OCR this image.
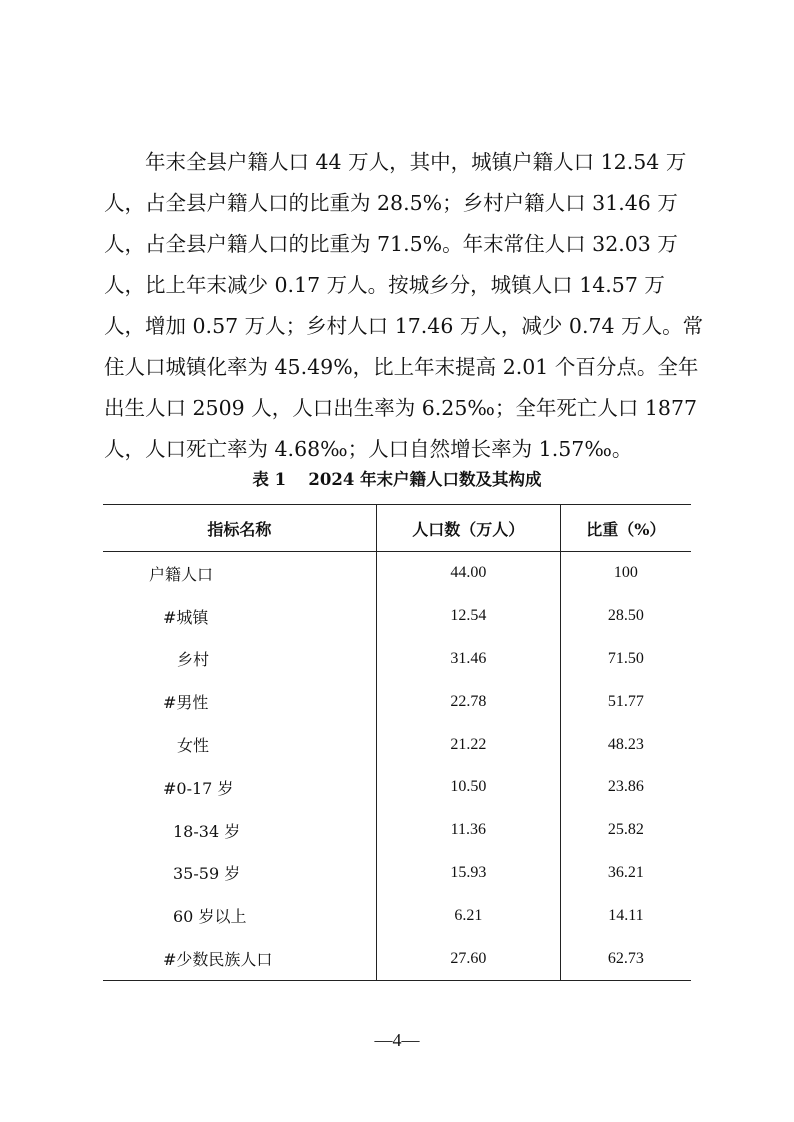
年末全县户籍人口 44 万人，其中，城镇户籍人口 12.54 万
人，占全县户籍人口的比重为 28.5%；乡村户籍人口 31.46 万
人，占全县户籍人口的比重为 71.5%。年末常住人口 32.03 万
人，比上年末减少 0.17 万人。按城乡分，城镇人口 14.57 万
人，增加 0.57 万人；乡村人口 17.46 万人，减少 0.74 万人。常
住人口城镇化率为 45.49%，比上年末提高 2.01 个百分点。全年
出生人口 2509 人，人口出生率为 6.25‰；全年死亡人口 1877
人，人口死亡率为 4.68‰；人口自然增长率为 1.57‰。
表 1　 2024 年末户籍人口数及其构成
指标名称	人口数（万人）	比重（%）
户籍人口	44.00	100
#城镇	12.54	28.50
乡村	31.46	71.50
#男性	22.78	51.77
女性	21.22	48.23
#0-17 岁	10.50	23.86
18-34 岁	11.36	25.82
35-59 岁	15.93	36.21
60 岁以上	6.21	14.11
#少数民族人口	27.60	62.73
—4—
